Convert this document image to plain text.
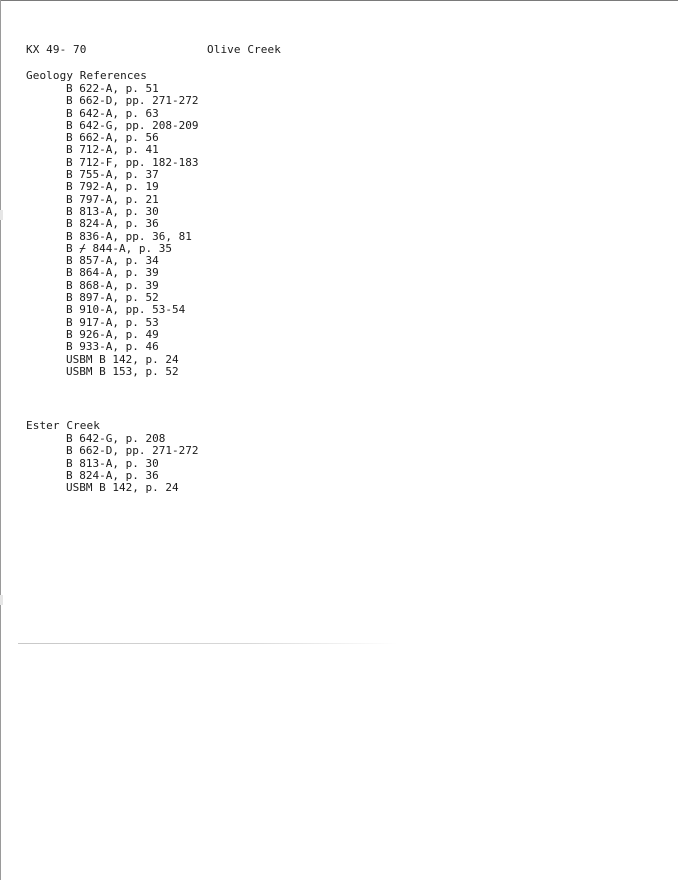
KX 49- 70	Olive Creek
Geology References
B 622-A, p. 51
B 662-D, pp. 271-272
B 642-A, p. 63
B 642-G, pp. 208-209
B 662-A, p. 56
B 712-A, p. 41
B 712-F, pp. 182-183
B 755-A, p. 37
B 792-A, p. 19
B 797-A, p. 21
B 813-A, p. 30
B 824-A, p. 36
B 836-A, pp. 36, 81
B ⌿ 844-A, p. 35
B 857-A, p. 34
B 864-A, p. 39
B 868-A, p. 39
B 897-A, p. 52
B 910-A, pp. 53-54
B 917-A, p. 53
B 926-A, p. 49
B 933-A, p. 46
USBM B 142, p. 24
USBM B 153, p. 52
Ester Creek
B 642-G, p. 208
B 662-D, pp. 271-272
B 813-A, p. 30
B 824-A, p. 36
USBM B 142, p. 24
